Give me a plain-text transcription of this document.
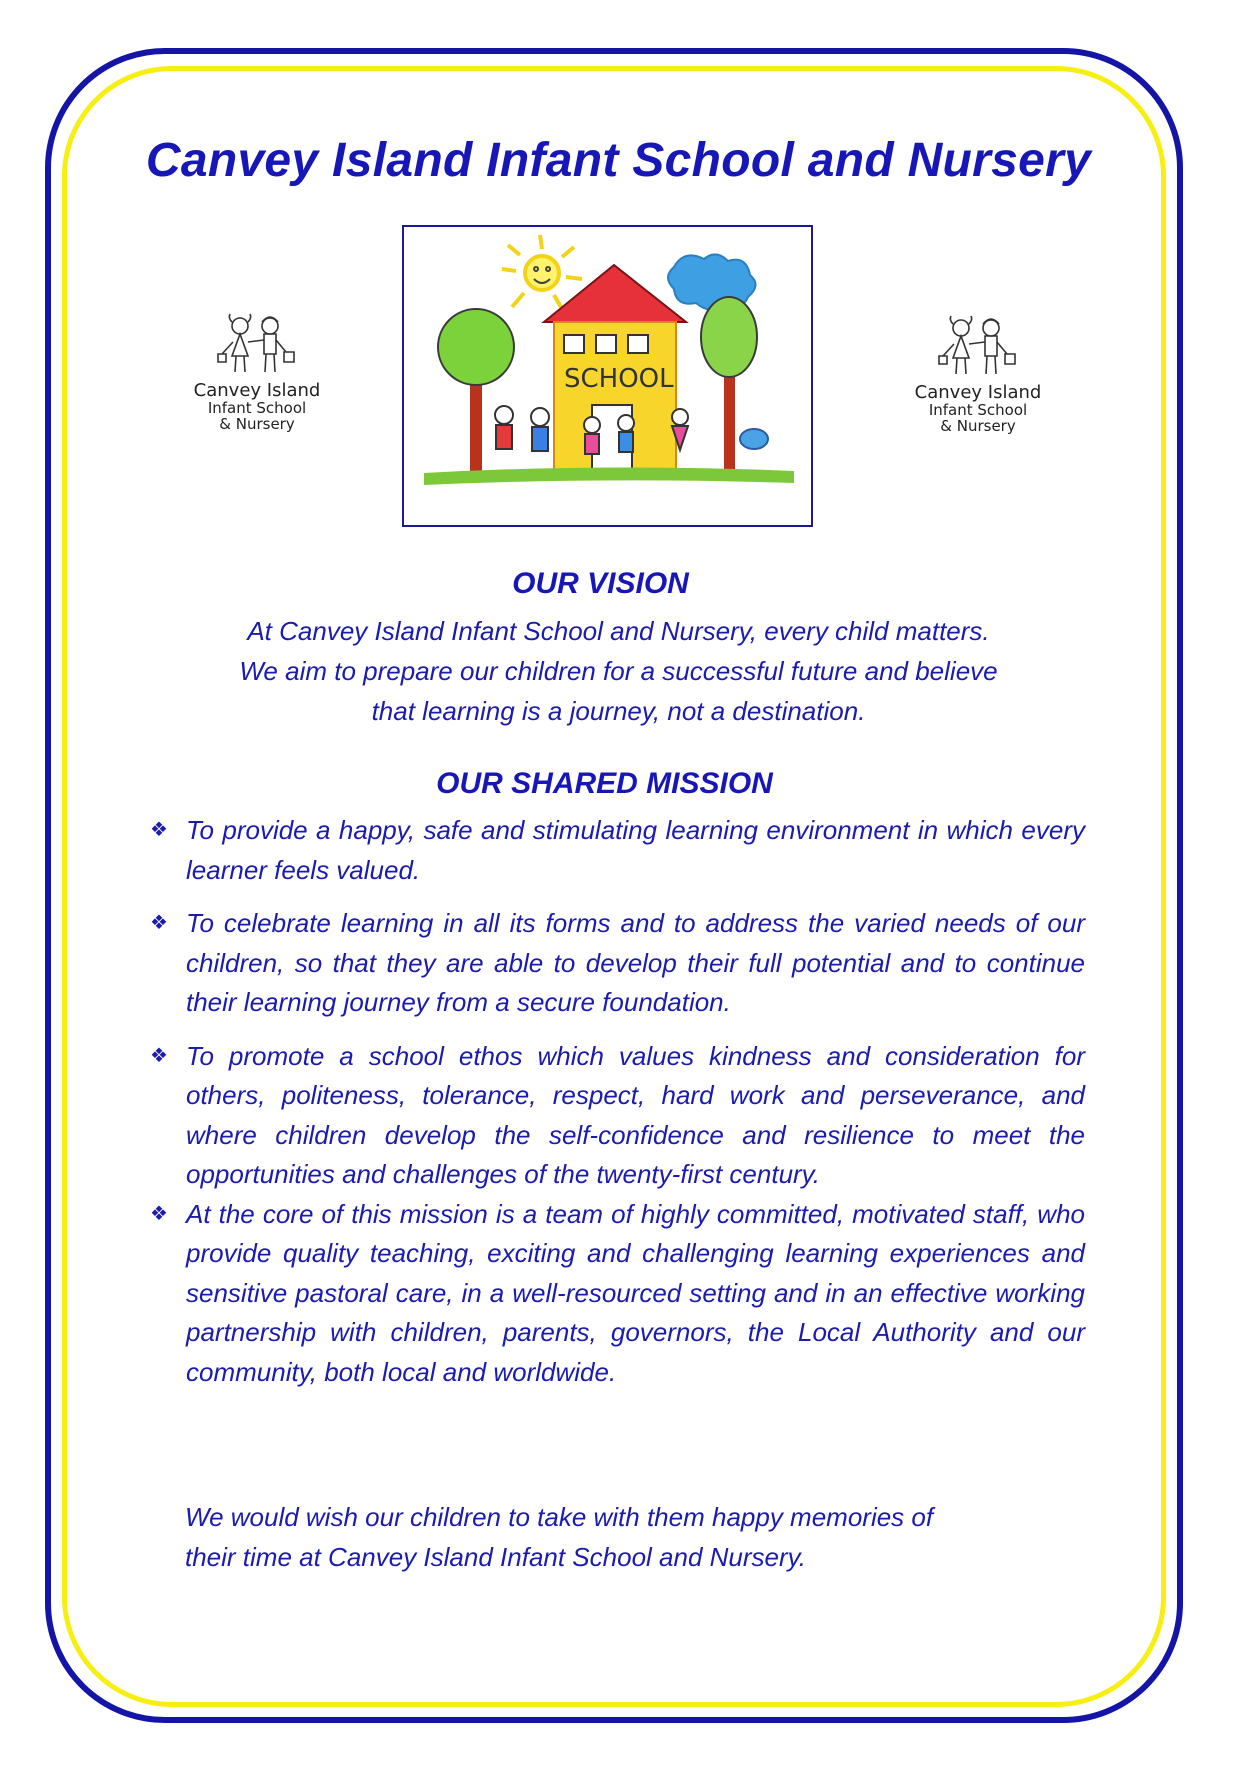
Canvey Island Infant School and Nursery
Canvey Island
Infant School
& Nursery
Canvey Island
Infant School
& Nursery
SCHOOL
OUR VISION
At Canvey Island Infant School and Nursery, every child matters.
We aim to prepare our children for a successful future and believe
that learning is a journey, not a destination.
OUR SHARED MISSION
❖ To provide a happy, safe and stimulating learning environment in which every learner feels valued.
❖ To celebrate learning in all its forms and to address the varied needs of our children, so that they are able to develop their full potential and to continue their learning journey from a secure foundation.
❖ To promote a school ethos which values kindness and consideration for others, politeness, tolerance, respect, hard work and perseverance, and where children develop the self-confidence and resilience to meet the opportunities and challenges of the twenty-first century.
❖ At the core of this mission is a team of highly committed, motivated staff, who provide quality teaching, exciting and challenging learning experiences and sensitive pastoral care, in a well-resourced setting and in an effective working partnership with children, parents, governors, the Local Authority and our community, both local and worldwide.
We would wish our children to take with them happy memories of
their time at Canvey Island Infant School and Nursery.
